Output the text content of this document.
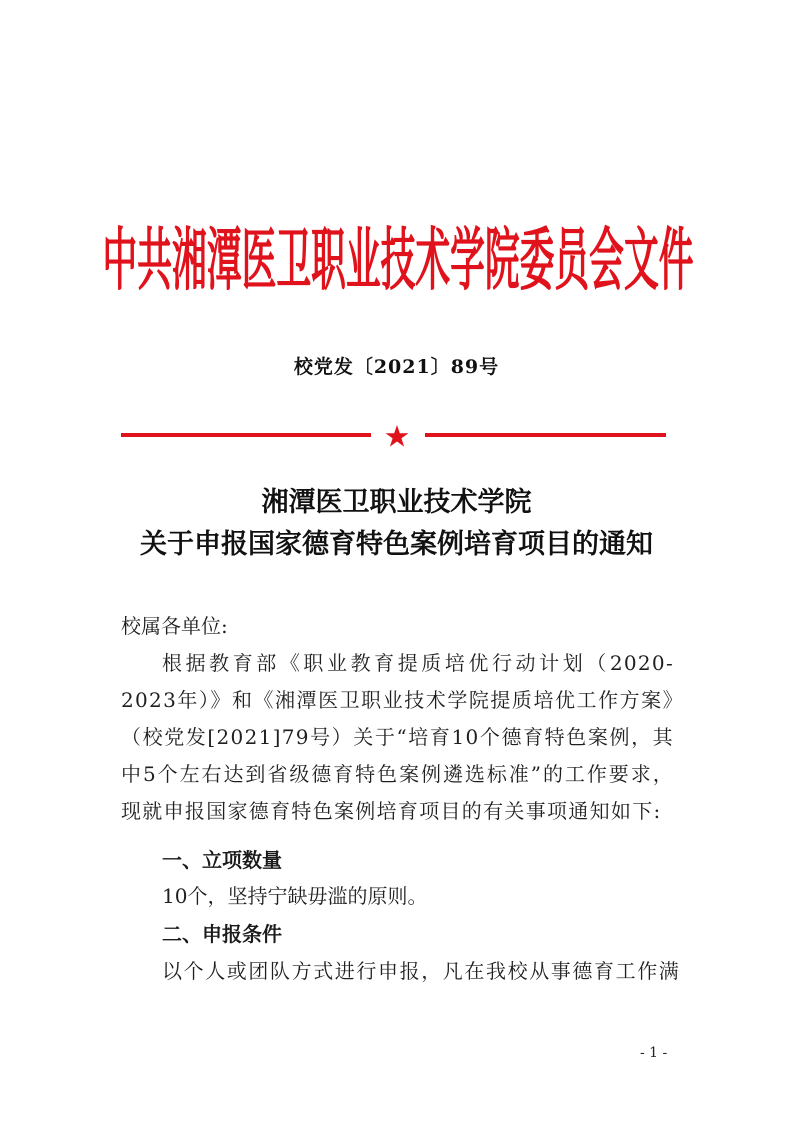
中共湘潭医卫职业技术学院委员会文件
校党发〔2021〕89号
湘潭医卫职业技术学院
关于申报国家德育特色案例培育项目的通知
校属各单位:
根据教育部《职业教育提质培优行动计划（2020-2023年）》和《湘潭医卫职业技术学院提质培优工作方案》（校党发[2021]79号）关于“培育10个德育特色案例，其中5个左右达到省级德育特色案例遴选标准”的工作要求，现就申报国家德育特色案例培育项目的有关事项通知如下:
一、立项数量
10个，坚持宁缺毋滥的原则。
二、申报条件
以个人或团队方式进行申报，凡在我校从事德育工作满
- 1 -
